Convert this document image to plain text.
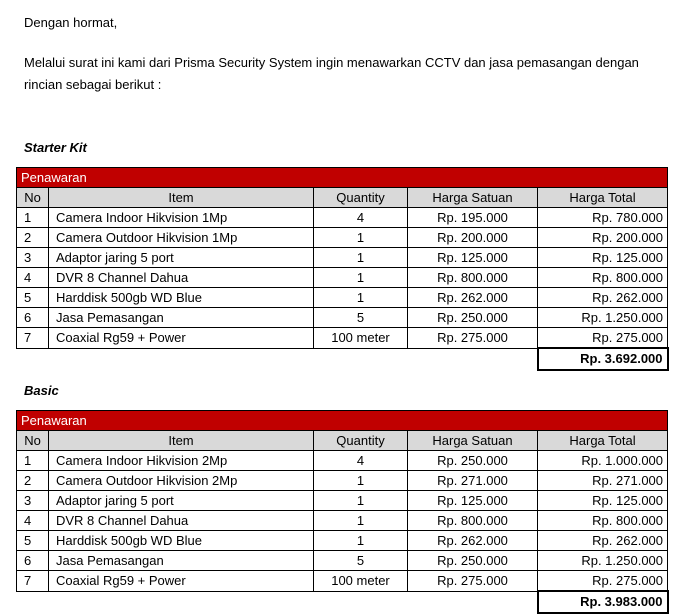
Dengan hormat,

Melalui surat ini kami dari Prisma Security System ingin menawarkan CCTV dan jasa pemasangan dengan rincian sebagai berikut :

Starter Kit
Penawaran				
No	Item	Quantity	Harga Satuan	Harga Total
1	Camera Indoor Hikvision 1Mp	4	Rp. 195.000	Rp. 780.000
2	Camera Outdoor Hikvision 1Mp	1	Rp. 200.000	Rp. 200.000
3	Adaptor jaring 5 port	1	Rp. 125.000	Rp. 125.000
4	DVR 8 Channel Dahua	1	Rp. 800.000	Rp. 800.000
5	Harddisk 500gb WD Blue	1	Rp. 262.000	Rp. 262.000
6	Jasa Pemasangan	5	Rp. 250.000	Rp. 1.250.000
7	Coaxial Rg59 + Power	100 meter	Rp. 275.000	Rp. 275.000
				Rp. 3.692.000
Basic
Penawaran				
No	Item	Quantity	Harga Satuan	Harga Total
1	Camera Indoor Hikvision 2Mp	4	Rp. 250.000	Rp. 1.000.000
2	Camera Outdoor Hikvision 2Mp	1	Rp. 271.000	Rp. 271.000
3	Adaptor jaring 5 port	1	Rp. 125.000	Rp. 125.000
4	DVR 8 Channel Dahua	1	Rp. 800.000	Rp. 800.000
5	Harddisk 500gb WD Blue	1	Rp. 262.000	Rp. 262.000
6	Jasa Pemasangan	5	Rp. 250.000	Rp. 1.250.000
7	Coaxial Rg59 + Power	100 meter	Rp. 275.000	Rp. 275.000
				Rp. 3.983.000
